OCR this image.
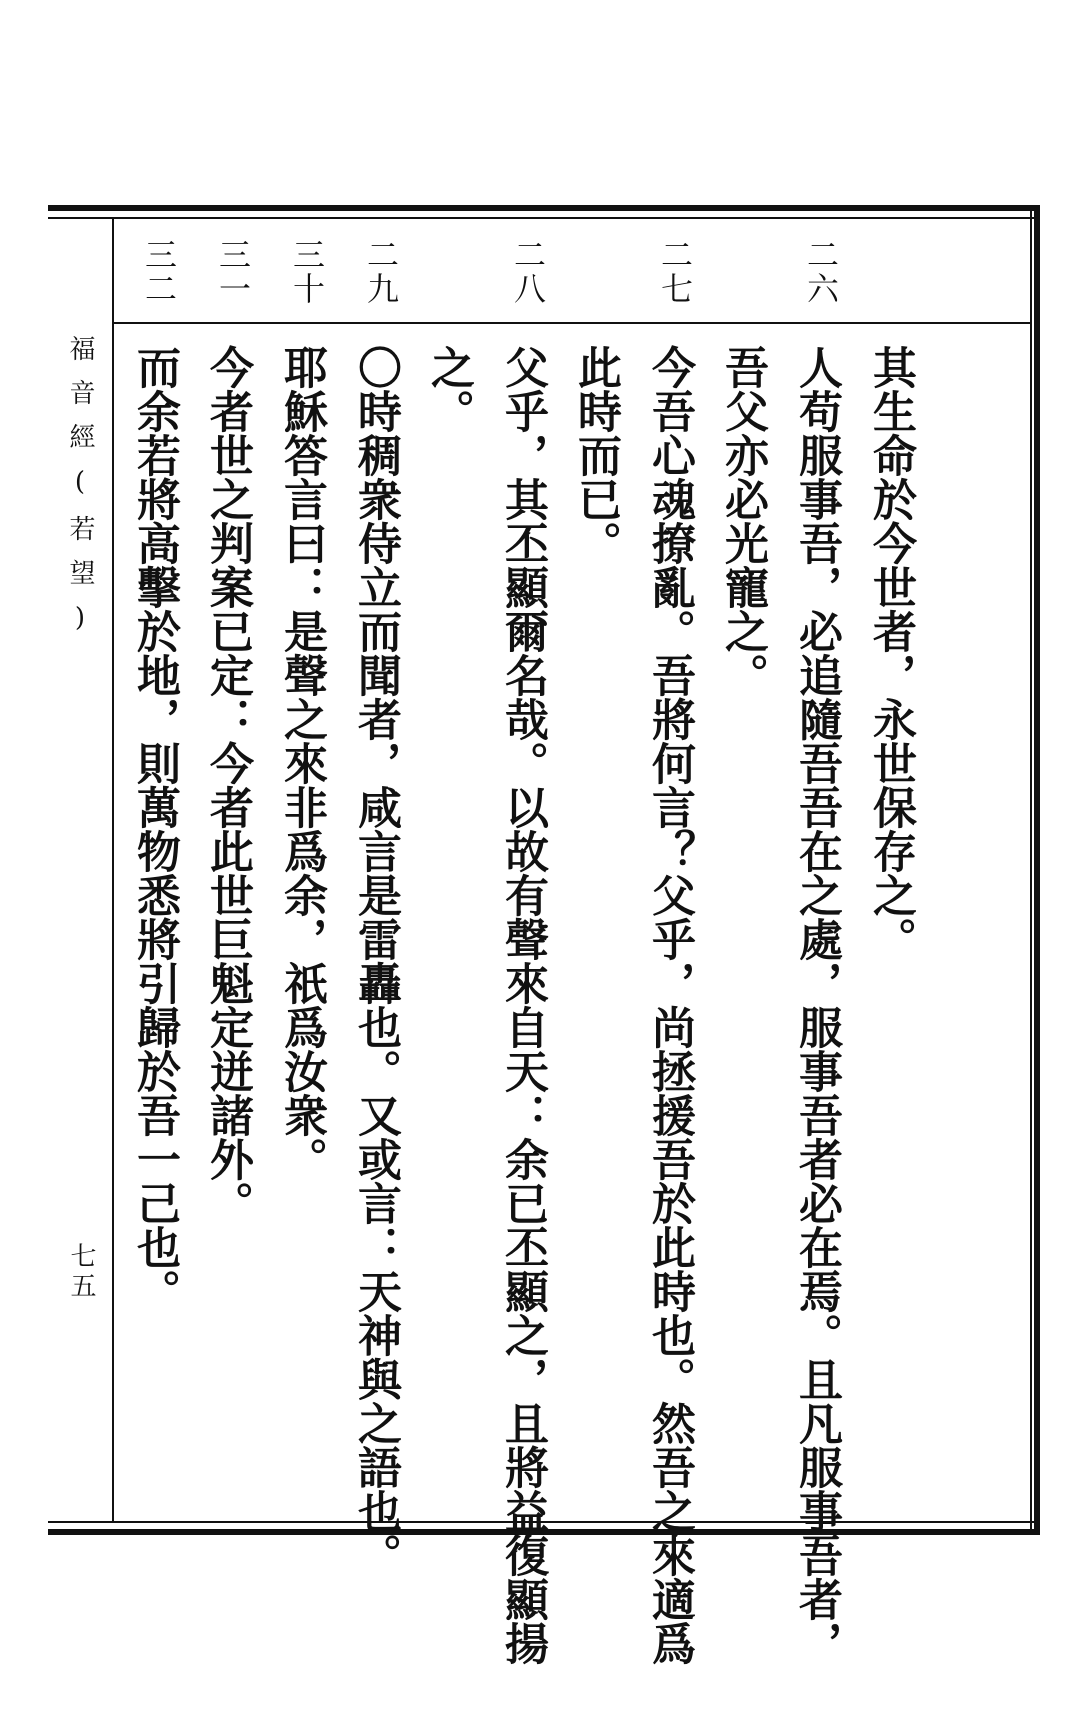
福音經(若望)
七五
二六
二七
二八
二九
三十
三一
三二
其生命於今世者，永世保存之。
人苟服事吾，必追隨吾吾在之處，服事吾者必在焉。且凡服事吾者，
吾父亦必光寵之。
今吾心魂撩亂。吾將何言？父乎，尚拯援吾於此時也。然吾之來適爲
此時而已。
父乎，其丕顯爾名哉。以故有聲來自天：余已丕顯之，且將益復顯揚
之。
〇時稠衆侍立而聞者，咸言是雷轟也。又或言：天神與之語也。
耶穌答言曰：是聲之來非爲余，祇爲汝衆。
今者世之判案已定：今者此世巨魁定迸諸外。
而余若將高擊於地，則萬物悉將引歸於吾一己也。
